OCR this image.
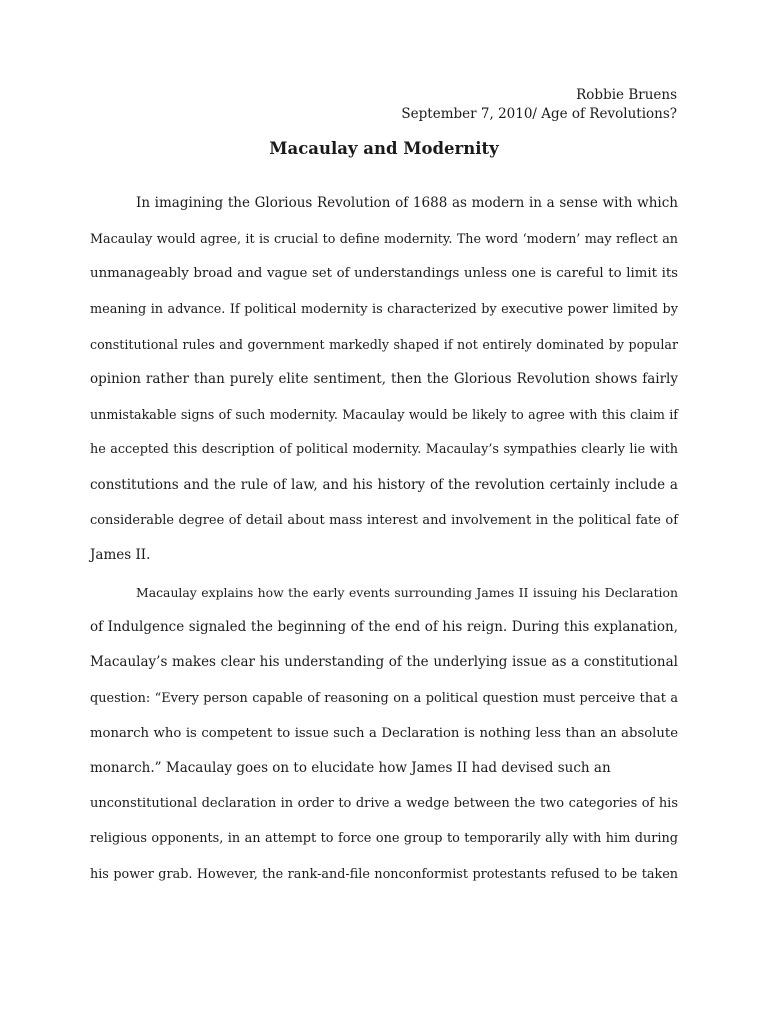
Robbie Bruens
September 7, 2010/ Age of Revolutions?
Macaulay and Modernity
In imagining the Glorious Revolution of 1688 as modern in a sense with which
Macaulay would agree, it is crucial to define modernity. The word ‘modern’ may reflect an
unmanageably broad and vague set of understandings unless one is careful to limit its
meaning in advance. If political modernity is characterized by executive power limited by
constitutional rules and government markedly shaped if not entirely dominated by popular
opinion rather than purely elite sentiment, then the Glorious Revolution shows fairly
unmistakable signs of such modernity. Macaulay would be likely to agree with this claim if
he accepted this description of political modernity. Macaulay’s sympathies clearly lie with
constitutions and the rule of law, and his history of the revolution certainly include a
considerable degree of detail about mass interest and involvement in the political fate of
James II.
Macaulay explains how the early events surrounding James II issuing his Declaration
of Indulgence signaled the beginning of the end of his reign. During this explanation,
Macaulay’s makes clear his understanding of the underlying issue as a constitutional
question: “Every person capable of reasoning on a political question must perceive that a
monarch who is competent to issue such a Declaration is nothing less than an absolute
monarch.” Macaulay goes on to elucidate how James II had devised such an
unconstitutional declaration in order to drive a wedge between the two categories of his
religious opponents, in an attempt to force one group to temporarily ally with him during
his power grab. However, the rank-and-file nonconformist protestants refused to be taken
